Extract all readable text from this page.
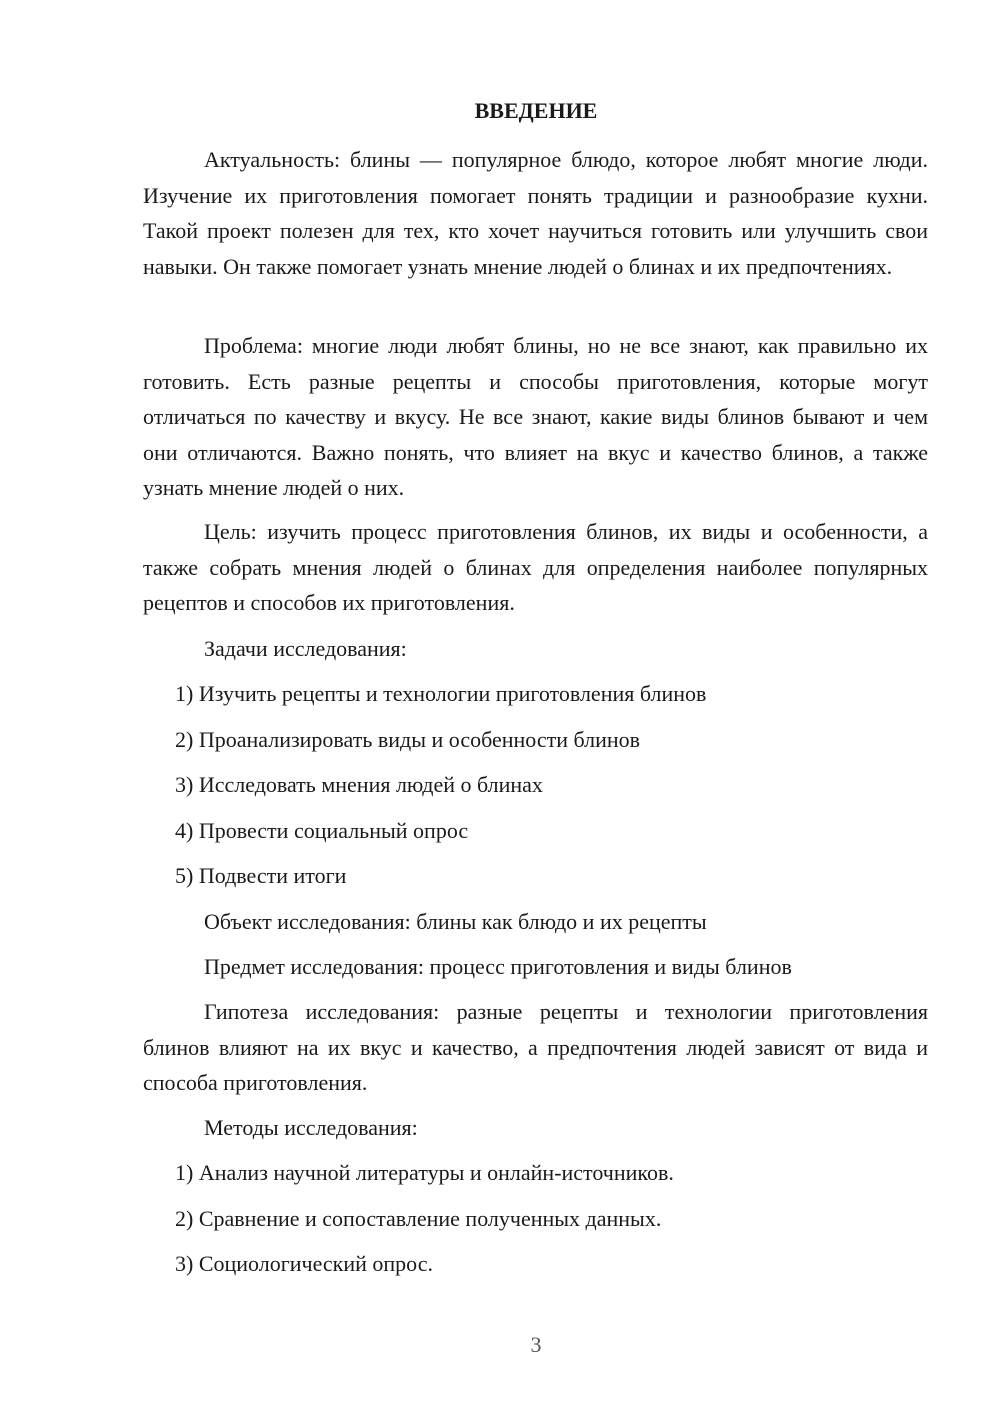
ВВЕДЕНИЕ

Актуальность: блины — популярное блюдо, которое любят многие люди. Изучение их приготовления помогает понять традиции и разнообразие кухни. Такой проект полезен для тех, кто хочет научиться готовить или улучшить свои навыки. Он также помогает узнать мнение людей о блинах и их предпочтениях.

Проблема: многие люди любят блины, но не все знают, как правильно их готовить. Есть разные рецепты и способы приготовления, которые могут отличаться по качеству и вкусу. Не все знают, какие виды блинов бывают и чем они отличаются. Важно понять, что влияет на вкус и качество блинов, а также узнать мнение людей о них.

Цель: изучить процесс приготовления блинов, их виды и особенности, а также собрать мнения людей о блинах для определения наиболее популярных рецептов и способов их приготовления.

Задачи исследования:

1) Изучить рецепты и технологии приготовления блинов

2) Проанализировать виды и особенности блинов

3) Исследовать мнения людей о блинах

4) Провести социальный опрос

5) Подвести итоги

Объект исследования: блины как блюдо и их рецепты

Предмет исследования: процесс приготовления и виды блинов

Гипотеза исследования: разные рецепты и технологии приготовления блинов влияют на их вкус и качество, а предпочтения людей зависят от вида и способа приготовления.

Методы исследования:

1) Анализ научной литературы и онлайн-источников.

2) Сравнение и сопоставление полученных данных.

3) Социологический опрос.

3
